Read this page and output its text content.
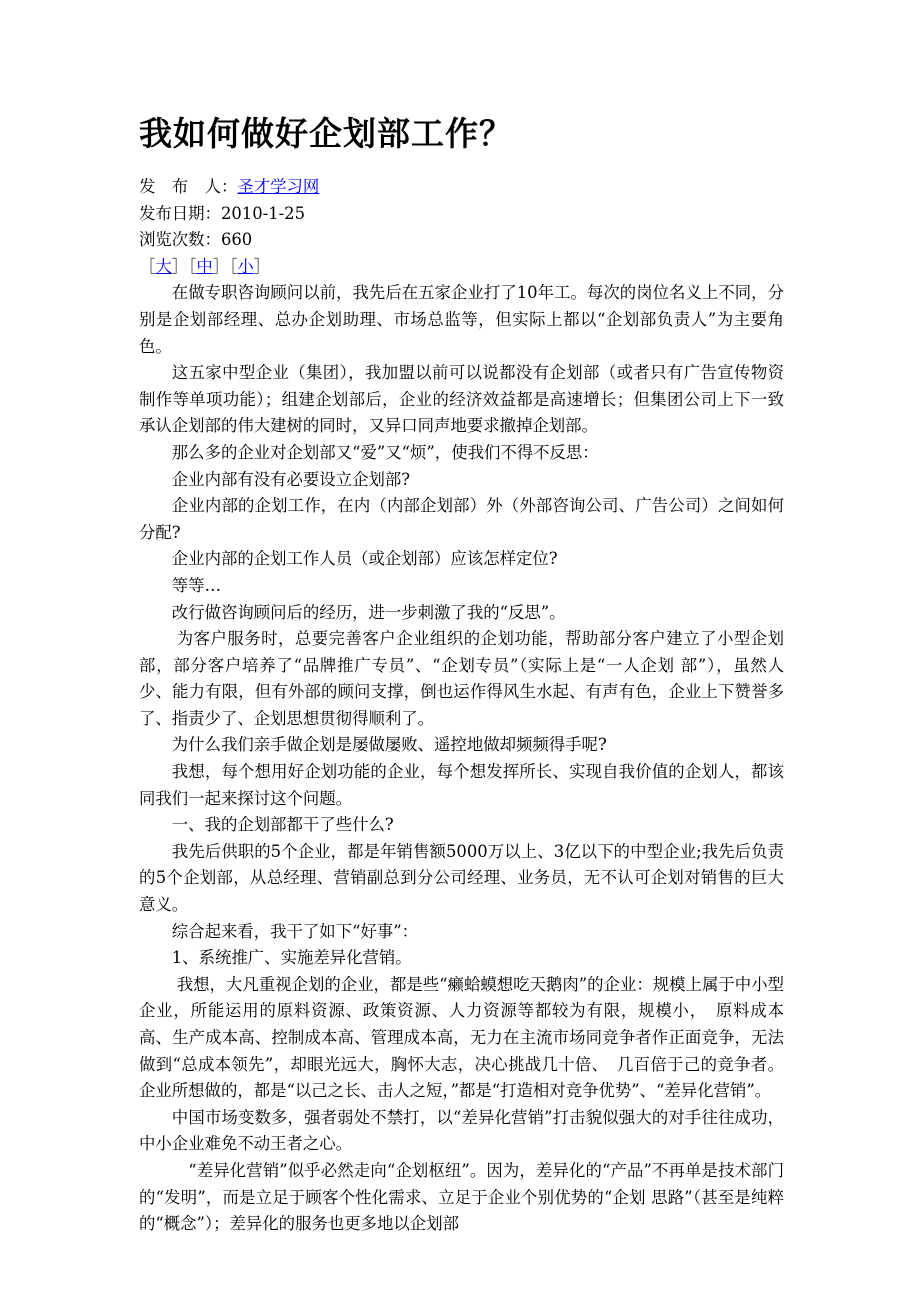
我如何做好企划部工作？
发　布　人：圣才学习网
发布日期：2010-1-25
浏览次数：660
［大］［中］［小］

在做专职咨询顾问以前，我先后在五家企业打了10年工。每次的岗位名义上不同，分别是企划部经理、总办企划助理、市场总监等，但实际上都以“企划部负责人”为主要角色。

这五家中型企业（集团），我加盟以前可以说都没有企划部（或者只有广告宣传物资制作等单项功能）；组建企划部后，企业的经济效益都是高速增长；但集团公司上下一致承认企划部的伟大建树的同时，又异口同声地要求撤掉企划部。

那么多的企业对企划部又“爱”又“烦”，使我们不得不反思：

企业内部有没有必要设立企划部?

企业内部的企划工作，在内（内部企划部）外（外部咨询公司、广告公司）之间如何分配?

企业内部的企划工作人员（或企划部）应该怎样定位?

等等…

改行做咨询顾问后的经历，进一步刺激了我的“反思”。

为客户服务时，总要完善客户企业组织的企划功能，帮助部分客户建立了小型企划部，部分客户培养了“品牌推广专员”、“企划专员”（实际上是“一人企划 部”），虽然人少、能力有限，但有外部的顾问支撑，倒也运作得风生水起、有声有色，企业上下赞誉多了、指责少了、企划思想贯彻得顺利了。

为什么我们亲手做企划是屡做屡败、遥控地做却频频得手呢?

我想，每个想用好企划功能的企业，每个想发挥所长、实现自我价值的企划人，都该同我们一起来探讨这个问题。

一、我的企划部都干了些什么?

我先后供职的5个企业，都是年销售额5000万以上、3亿以下的中型企业;我先后负责的5个企划部，从总经理、营销副总到分公司经理、业务员，无不认可企划对销售的巨大意义。

综合起来看，我干了如下“好事”：

1、系统推广、实施差异化营销。

我想，大凡重视企划的企业，都是些“癞蛤蟆想吃天鹅肉”的企业：规模上属于中小型企业，所能运用的原料资源、政策资源、人力资源等都较为有限，规模小，　原料成本高、生产成本高、控制成本高、管理成本高，无力在主流市场同竞争者作正面竞争，无法做到“总成本领先”，却眼光远大，胸怀大志，决心挑战几十倍、　几百倍于己的竞争者。企业所想做的，都是“以己之长、击人之短，”都是“打造相对竞争优势”、“差异化营销”。

中国市场变数多，强者弱处不禁打，以“差异化营销”打击貌似强大的对手往往成功，中小企业难免不动王者之心。

“差异化营销”似乎必然走向“企划枢纽”。因为，差异化的“产品”不再单是技术部门的“发明”，而是立足于顾客个性化需求、立足于企业个别优势的“企划 思路”（甚至是纯粹的“概念”）；差异化的服务也更多地以企划部
